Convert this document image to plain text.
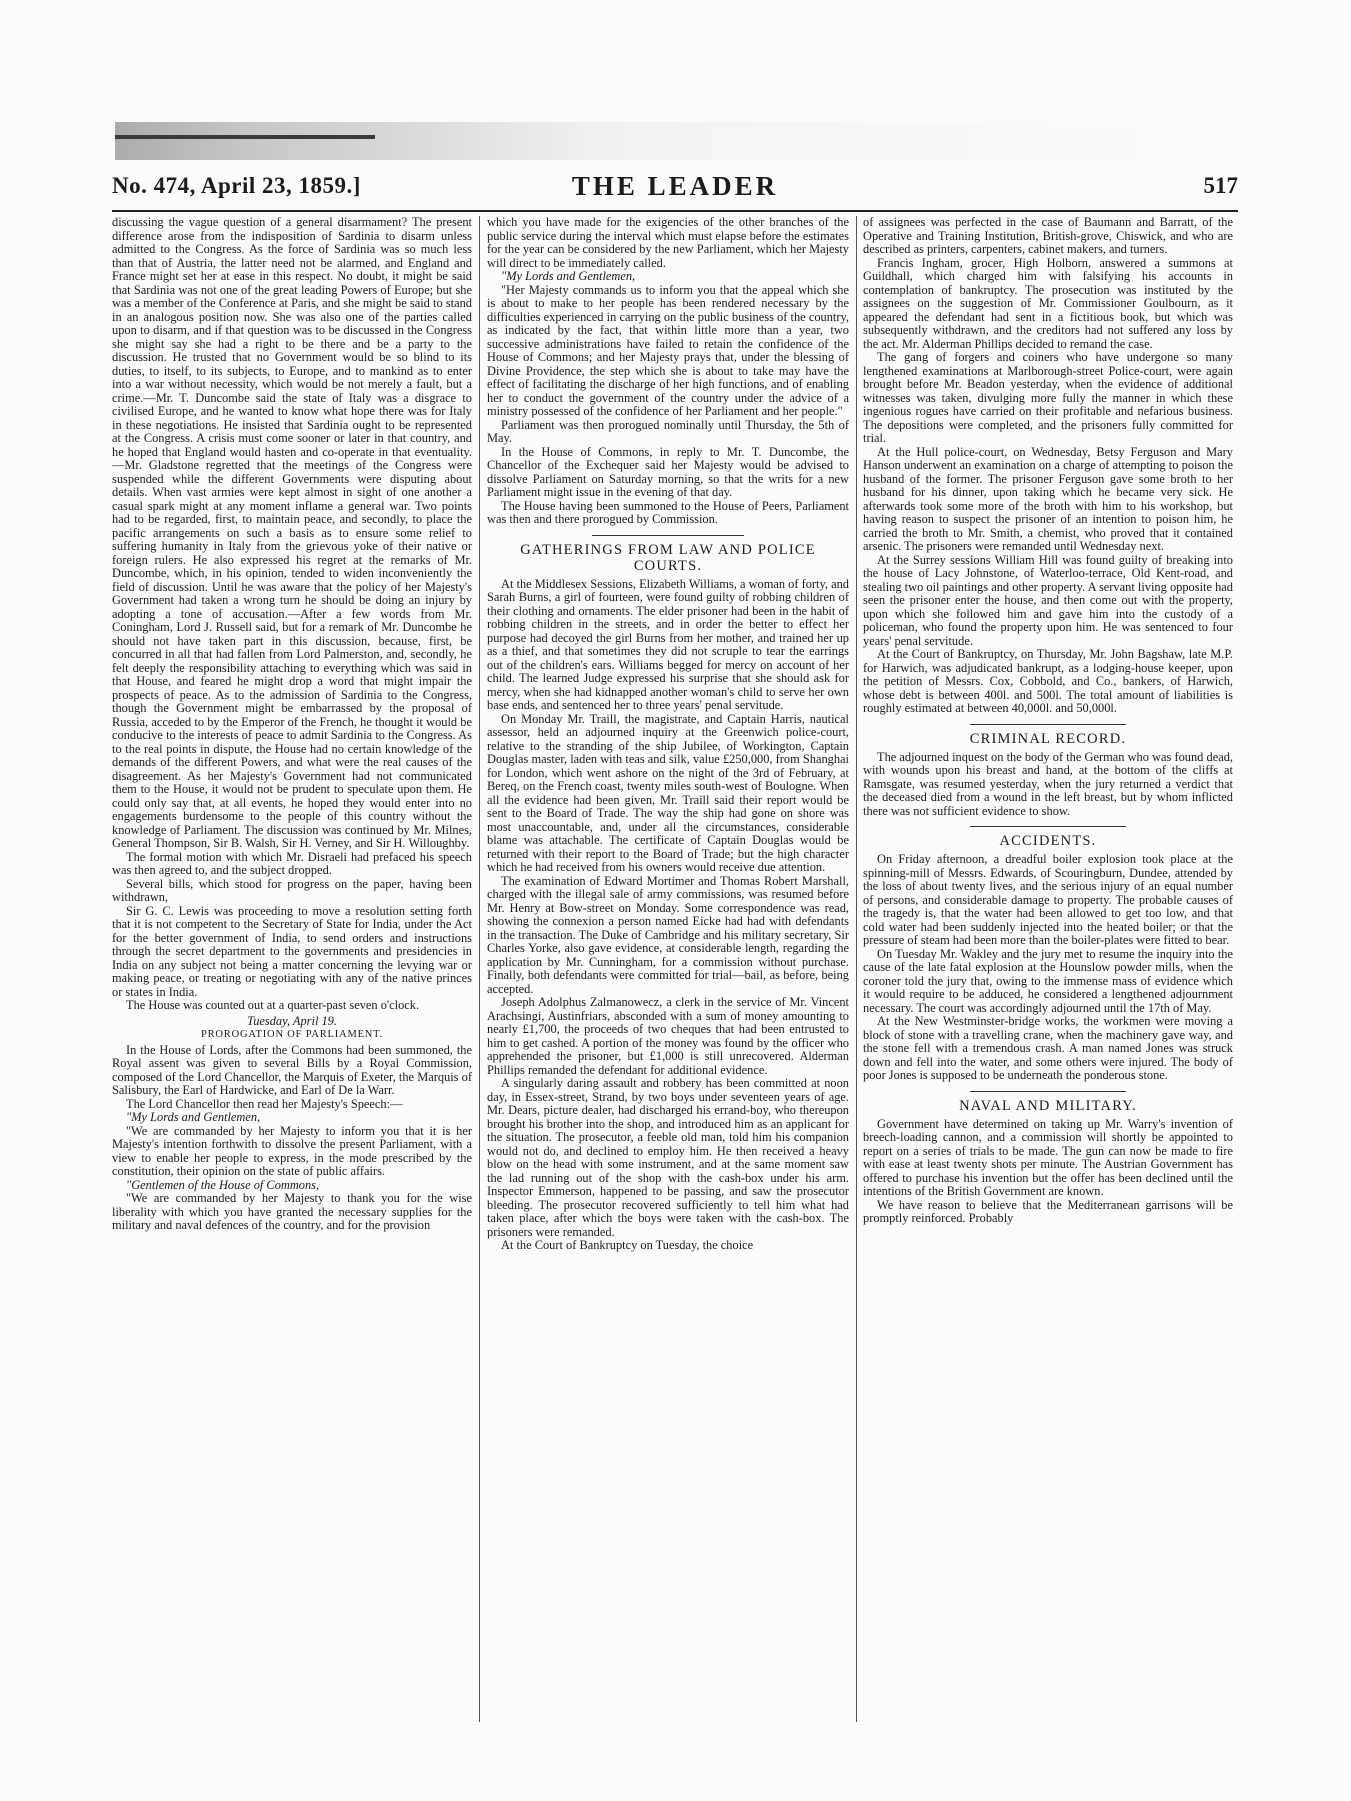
No. 474, April 23, 1859.]	THE LEADER	517

discussing the vague question of a general disarmament? The present difference arose from the indisposition of Sardinia to disarm unless admitted to the Congress. As the force of Sardinia was so much less than that of Austria, the latter need not be alarmed, and England and France might set her at ease in this respect. No doubt, it might be said that Sardinia was not one of the great leading Powers of Europe; but she was a member of the Conference at Paris, and she might be said to stand in an analogous position now. She was also one of the parties called upon to disarm, and if that question was to be discussed in the Congress she might say she had a right to be there and be a party to the discussion. He trusted that no Government would be so blind to its duties, to itself, to its subjects, to Europe, and to mankind as to enter into a war without necessity, which would be not merely a fault, but a crime.—Mr. T. Duncombe said the state of Italy was a disgrace to civilised Europe, and he wanted to know what hope there was for Italy in these negotiations. He insisted that Sardinia ought to be represented at the Congress. A crisis must come sooner or later in that country, and he hoped that England would hasten and co-operate in that eventuality.—Mr. Gladstone regretted that the meetings of the Congress were suspended while the different Governments were disputing about details. When vast armies were kept almost in sight of one another a casual spark might at any moment inflame a general war. Two points had to be regarded, first, to maintain peace, and secondly, to place the pacific arrangements on such a basis as to ensure some relief to suffering humanity in Italy from the grievous yoke of their native or foreign rulers. He also expressed his regret at the remarks of Mr. Duncombe, which, in his opinion, tended to widen inconveniently the field of discussion. Until he was aware that the policy of her Majesty's Government had taken a wrong turn he should be doing an injury by adopting a tone of accusation.—After a few words from Mr. Coningham, Lord J. Russell said, but for a remark of Mr. Duncombe he should not have taken part in this discussion, because, first, be concurred in all that had fallen from Lord Palmerston, and, secondly, he felt deeply the responsibility attaching to everything which was said in that House, and feared he might drop a word that might impair the prospects of peace. As to the admission of Sardinia to the Congress, though the Government might be embarrassed by the proposal of Russia, acceded to by the Emperor of the French, he thought it would be conducive to the interests of peace to admit Sardinia to the Congress. As to the real points in dispute, the House had no certain knowledge of the demands of the different Powers, and what were the real causes of the disagreement. As her Majesty's Government had not communicated them to the House, it would not be prudent to speculate upon them. He could only say that, at all events, he hoped they would enter into no engagements burdensome to the people of this country without the knowledge of Parliament. The discussion was continued by Mr. Milnes, General Thompson, Sir B. Walsh, Sir H. Verney, and Sir H. Willoughby.

The formal motion with which Mr. Disraeli had prefaced his speech was then agreed to, and the subject dropped.

Several bills, which stood for progress on the paper, having been withdrawn,

Sir G. C. Lewis was proceeding to move a resolution setting forth that it is not competent to the Secretary of State for India, under the Act for the better government of India, to send orders and instructions through the secret department to the governments and presidencies in India on any subject not being a matter concerning the levying war or making peace, or treating or negotiating with any of the native princes or states in India.

The House was counted out at a quarter-past seven o'clock.

Tuesday, April 19.
PROROGATION OF PARLIAMENT.

In the House of Lords, after the Commons had been summoned, the Royal assent was given to several Bills by a Royal Commission, composed of the Lord Chancellor, the Marquis of Exeter, the Marquis of Salisbury, the Earl of Hardwicke, and Earl of De la Warr.

The Lord Chancellor then read her Majesty's Speech:—

"My Lords and Gentlemen,

"We are commanded by her Majesty to inform you that it is her Majesty's intention forthwith to dissolve the present Parliament, with a view to enable her people to express, in the mode prescribed by the constitution, their opinion on the state of public affairs.

"Gentlemen of the House of Commons,

"We are commanded by her Majesty to thank you for the wise liberality with which you have granted the necessary supplies for the military and naval defences of the country, and for the provision

which you have made for the exigencies of the other branches of the public service during the interval which must elapse before the estimates for the year can be considered by the new Parliament, which her Majesty will direct to be immediately called.

"My Lords and Gentlemen,

"Her Majesty commands us to inform you that the appeal which she is about to make to her people has been rendered necessary by the difficulties experienced in carrying on the public business of the country, as indicated by the fact, that within little more than a year, two successive administrations have failed to retain the confidence of the House of Commons; and her Majesty prays that, under the blessing of Divine Providence, the step which she is about to take may have the effect of facilitating the discharge of her high functions, and of enabling her to conduct the government of the country under the advice of a ministry possessed of the confidence of her Parliament and her people."

Parliament was then prorogued nominally until Thursday, the 5th of May.

In the House of Commons, in reply to Mr. T. Duncombe, the Chancellor of the Exchequer said her Majesty would be advised to dissolve Parliament on Saturday morning, so that the writs for a new Parliament might issue in the evening of that day.

The House having been summoned to the House of Peers, Parliament was then and there prorogued by Commission.

GATHERINGS FROM LAW AND POLICE COURTS.

At the Middlesex Sessions, Elizabeth Williams, a woman of forty, and Sarah Burns, a girl of fourteen, were found guilty of robbing children of their clothing and ornaments. The elder prisoner had been in the habit of robbing children in the streets, and in order the better to effect her purpose had decoyed the girl Burns from her mother, and trained her up as a thief, and that sometimes they did not scruple to tear the earrings out of the children's ears. Williams begged for mercy on account of her child. The learned Judge expressed his surprise that she should ask for mercy, when she had kidnapped another woman's child to serve her own base ends, and sentenced her to three years' penal servitude.

On Monday Mr. Traill, the magistrate, and Captain Harris, nautical assessor, held an adjourned inquiry at the Greenwich police-court, relative to the stranding of the ship Jubilee, of Workington, Captain Douglas master, laden with teas and silk, value £250,000, from Shanghai for London, which went ashore on the night of the 3rd of February, at Bereq, on the French coast, twenty miles south-west of Boulogne. When all the evidence had been given, Mr. Traill said their report would be sent to the Board of Trade. The way the ship had gone on shore was most unaccountable, and, under all the circumstances, considerable blame was attachable. The certificate of Captain Douglas would be returned with their report to the Board of Trade; but the high character which he had received from his owners would receive due attention.

The examination of Edward Mortimer and Thomas Robert Marshall, charged with the illegal sale of army commissions, was resumed before Mr. Henry at Bow-street on Monday. Some correspondence was read, showing the connexion a person named Eicke had had with defendants in the transaction. The Duke of Cambridge and his military secretary, Sir Charles Yorke, also gave evidence, at considerable length, regarding the application by Mr. Cunningham, for a commission without purchase. Finally, both defendants were committed for trial—bail, as before, being accepted.

Joseph Adolphus Zalmanowecz, a clerk in the service of Mr. Vincent Arachsingi, Austinfriars, absconded with a sum of money amounting to nearly £1,700, the proceeds of two cheques that had been entrusted to him to get cashed. A portion of the money was found by the officer who apprehended the prisoner, but £1,000 is still unrecovered. Alderman Phillips remanded the defendant for additional evidence.

A singularly daring assault and robbery has been committed at noon day, in Essex-street, Strand, by two boys under seventeen years of age. Mr. Dears, picture dealer, had discharged his errand-boy, who thereupon brought his brother into the shop, and introduced him as an applicant for the situation. The prosecutor, a feeble old man, told him his companion would not do, and declined to employ him. He then received a heavy blow on the head with some instrument, and at the same moment saw the lad running out of the shop with the cash-box under his arm. Inspector Emmerson, happened to be passing, and saw the prosecutor bleeding. The prosecutor recovered sufficiently to tell him what had taken place, after which the boys were taken with the cash-box. The prisoners were remanded.

At the Court of Bankruptcy on Tuesday, the choice

of assignees was perfected in the case of Baumann and Barratt, of the Operative and Training Institution, British-grove, Chiswick, and who are described as printers, carpenters, cabinet makers, and turners.

Francis Ingham, grocer, High Holborn, answered a summons at Guildhall, which charged him with falsifying his accounts in contemplation of bankruptcy. The prosecution was instituted by the assignees on the suggestion of Mr. Commissioner Goulbourn, as it appeared the defendant had sent in a fictitious book, but which was subsequently withdrawn, and the creditors had not suffered any loss by the act. Mr. Alderman Phillips decided to remand the case.

The gang of forgers and coiners who have undergone so many lengthened examinations at Marlborough-street Police-court, were again brought before Mr. Beadon yesterday, when the evidence of additional witnesses was taken, divulging more fully the manner in which these ingenious rogues have carried on their profitable and nefarious business. The depositions were completed, and the prisoners fully committed for trial.

At the Hull police-court, on Wednesday, Betsy Ferguson and Mary Hanson underwent an examination on a charge of attempting to poison the husband of the former. The prisoner Ferguson gave some broth to her husband for his dinner, upon taking which he became very sick. He afterwards took some more of the broth with him to his workshop, but having reason to suspect the prisoner of an intention to poison him, he carried the broth to Mr. Smith, a chemist, who proved that it contained arsenic. The prisoners were remanded until Wednesday next.

At the Surrey sessions William Hill was found guilty of breaking into the house of Lacy Johnstone, of Waterloo-terrace, Old Kent-road, and stealing two oil paintings and other property. A servant living opposite had seen the prisoner enter the house, and then come out with the property, upon which she followed him and gave him into the custody of a policeman, who found the property upon him. He was sentenced to four years' penal servitude.

At the Court of Bankruptcy, on Thursday, Mr. John Bagshaw, late M.P. for Harwich, was adjudicated bankrupt, as a lodging-house keeper, upon the petition of Messrs. Cox, Cobbold, and Co., bankers, of Harwich, whose debt is between 400l. and 500l. The total amount of liabilities is roughly estimated at between 40,000l. and 50,000l.

CRIMINAL RECORD.

The adjourned inquest on the body of the German who was found dead, with wounds upon his breast and hand, at the bottom of the cliffs at Ramsgate, was resumed yesterday, when the jury returned a verdict that the deceased died from a wound in the left breast, but by whom inflicted there was not sufficient evidence to show.

ACCIDENTS.

On Friday afternoon, a dreadful boiler explosion took place at the spinning-mill of Messrs. Edwards, of Scouringburn, Dundee, attended by the loss of about twenty lives, and the serious injury of an equal number of persons, and considerable damage to property. The probable causes of the tragedy is, that the water had been allowed to get too low, and that cold water had been suddenly injected into the heated boiler; or that the pressure of steam had been more than the boiler-plates were fitted to bear.

On Tuesday Mr. Wakley and the jury met to resume the inquiry into the cause of the late fatal explosion at the Hounslow powder mills, when the coroner told the jury that, owing to the immense mass of evidence which it would require to be adduced, he considered a lengthened adjournment necessary. The court was accordingly adjourned until the 17th of May.

At the New Westminster-bridge works, the workmen were moving a block of stone with a travelling crane, when the machinery gave way, and the stone fell with a tremendous crash. A man named Jones was struck down and fell into the water, and some others were injured. The body of poor Jones is supposed to be underneath the ponderous stone.

NAVAL AND MILITARY.

Government have determined on taking up Mr. Warry's invention of breech-loading cannon, and a commission will shortly be appointed to report on a series of trials to be made. The gun can now be made to fire with ease at least twenty shots per minute. The Austrian Government has offered to purchase his invention but the offer has been declined until the intentions of the British Government are known.

We have reason to believe that the Mediterranean garrisons will be promptly reinforced. Probably
